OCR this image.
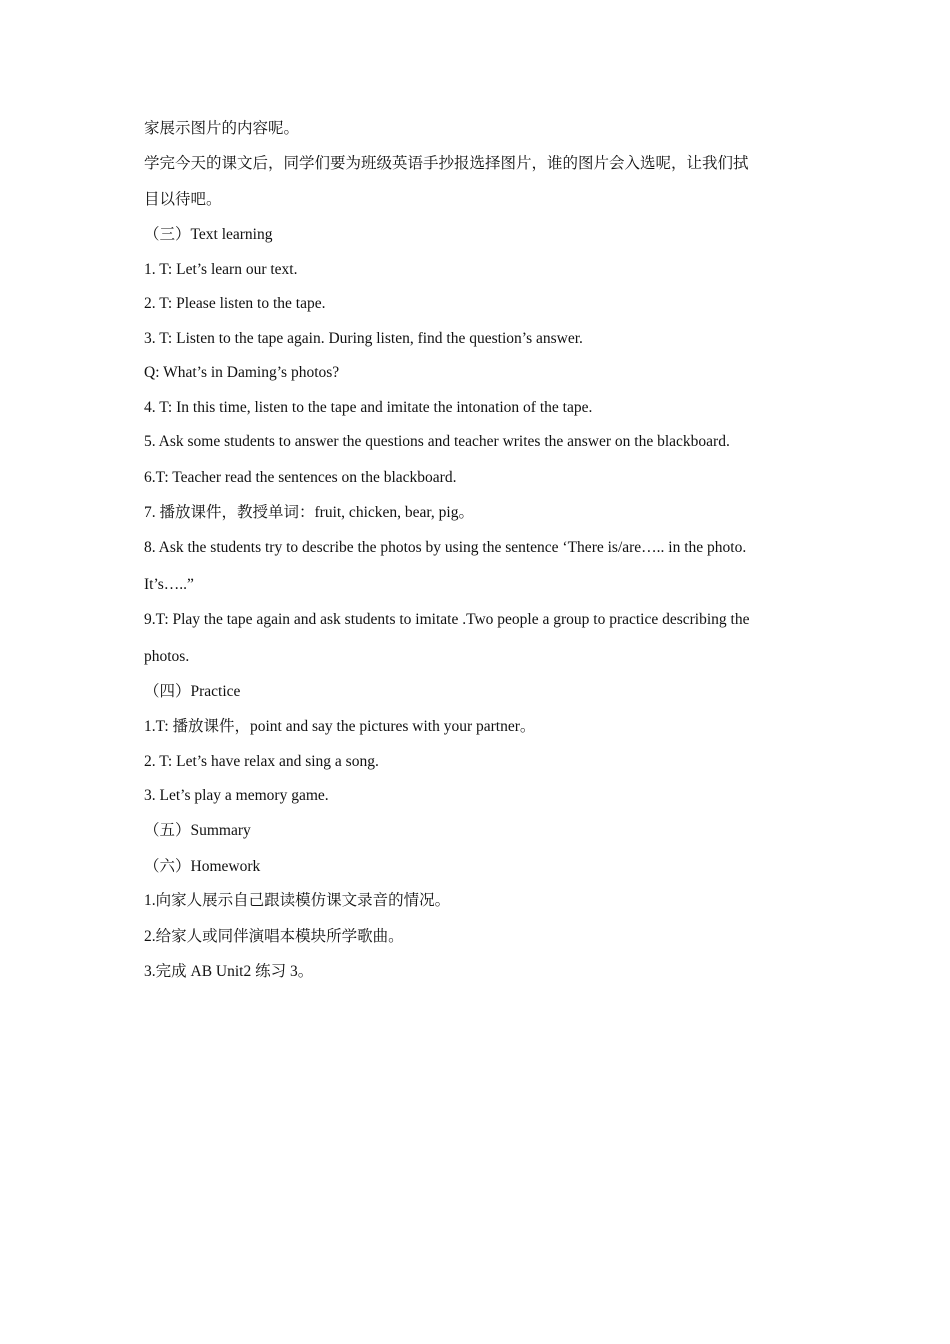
家展示图片的内容呢。
学完今天的课文后，同学们要为班级英语手抄报选择图片，谁的图片会入选呢，让我们拭
目以待吧。
（三）Text learning
1. T: Let’s learn our text.
2. T: Please listen to the tape.
3. T: Listen to the tape again. During listen, find the question’s answer.
Q: What’s in Daming’s photos?
4. T: In this time, listen to the tape and imitate the intonation of the tape.
5. Ask some students to answer the questions and teacher writes the answer on the blackboard.
6.T: Teacher read the sentences on the blackboard.
7. 播放课件，教授单词：fruit, chicken, bear, pig。
8. Ask the students try to describe the photos by using the sentence ‘There is/are….. in the photo.
It’s…..”
9.T: Play the tape again and ask students to imitate .Two people a group to practice describing the
photos.
（四）Practice
1.T: 播放课件，point and say the pictures with your partner。
2. T: Let’s have relax and sing a song.
3. Let’s play a memory game.
（五）Summary
（六）Homework
1.向家人展示自己跟读模仿课文录音的情况。
2.给家人或同伴演唱本模块所学歌曲。
3.完成 AB Unit2 练习 3。
